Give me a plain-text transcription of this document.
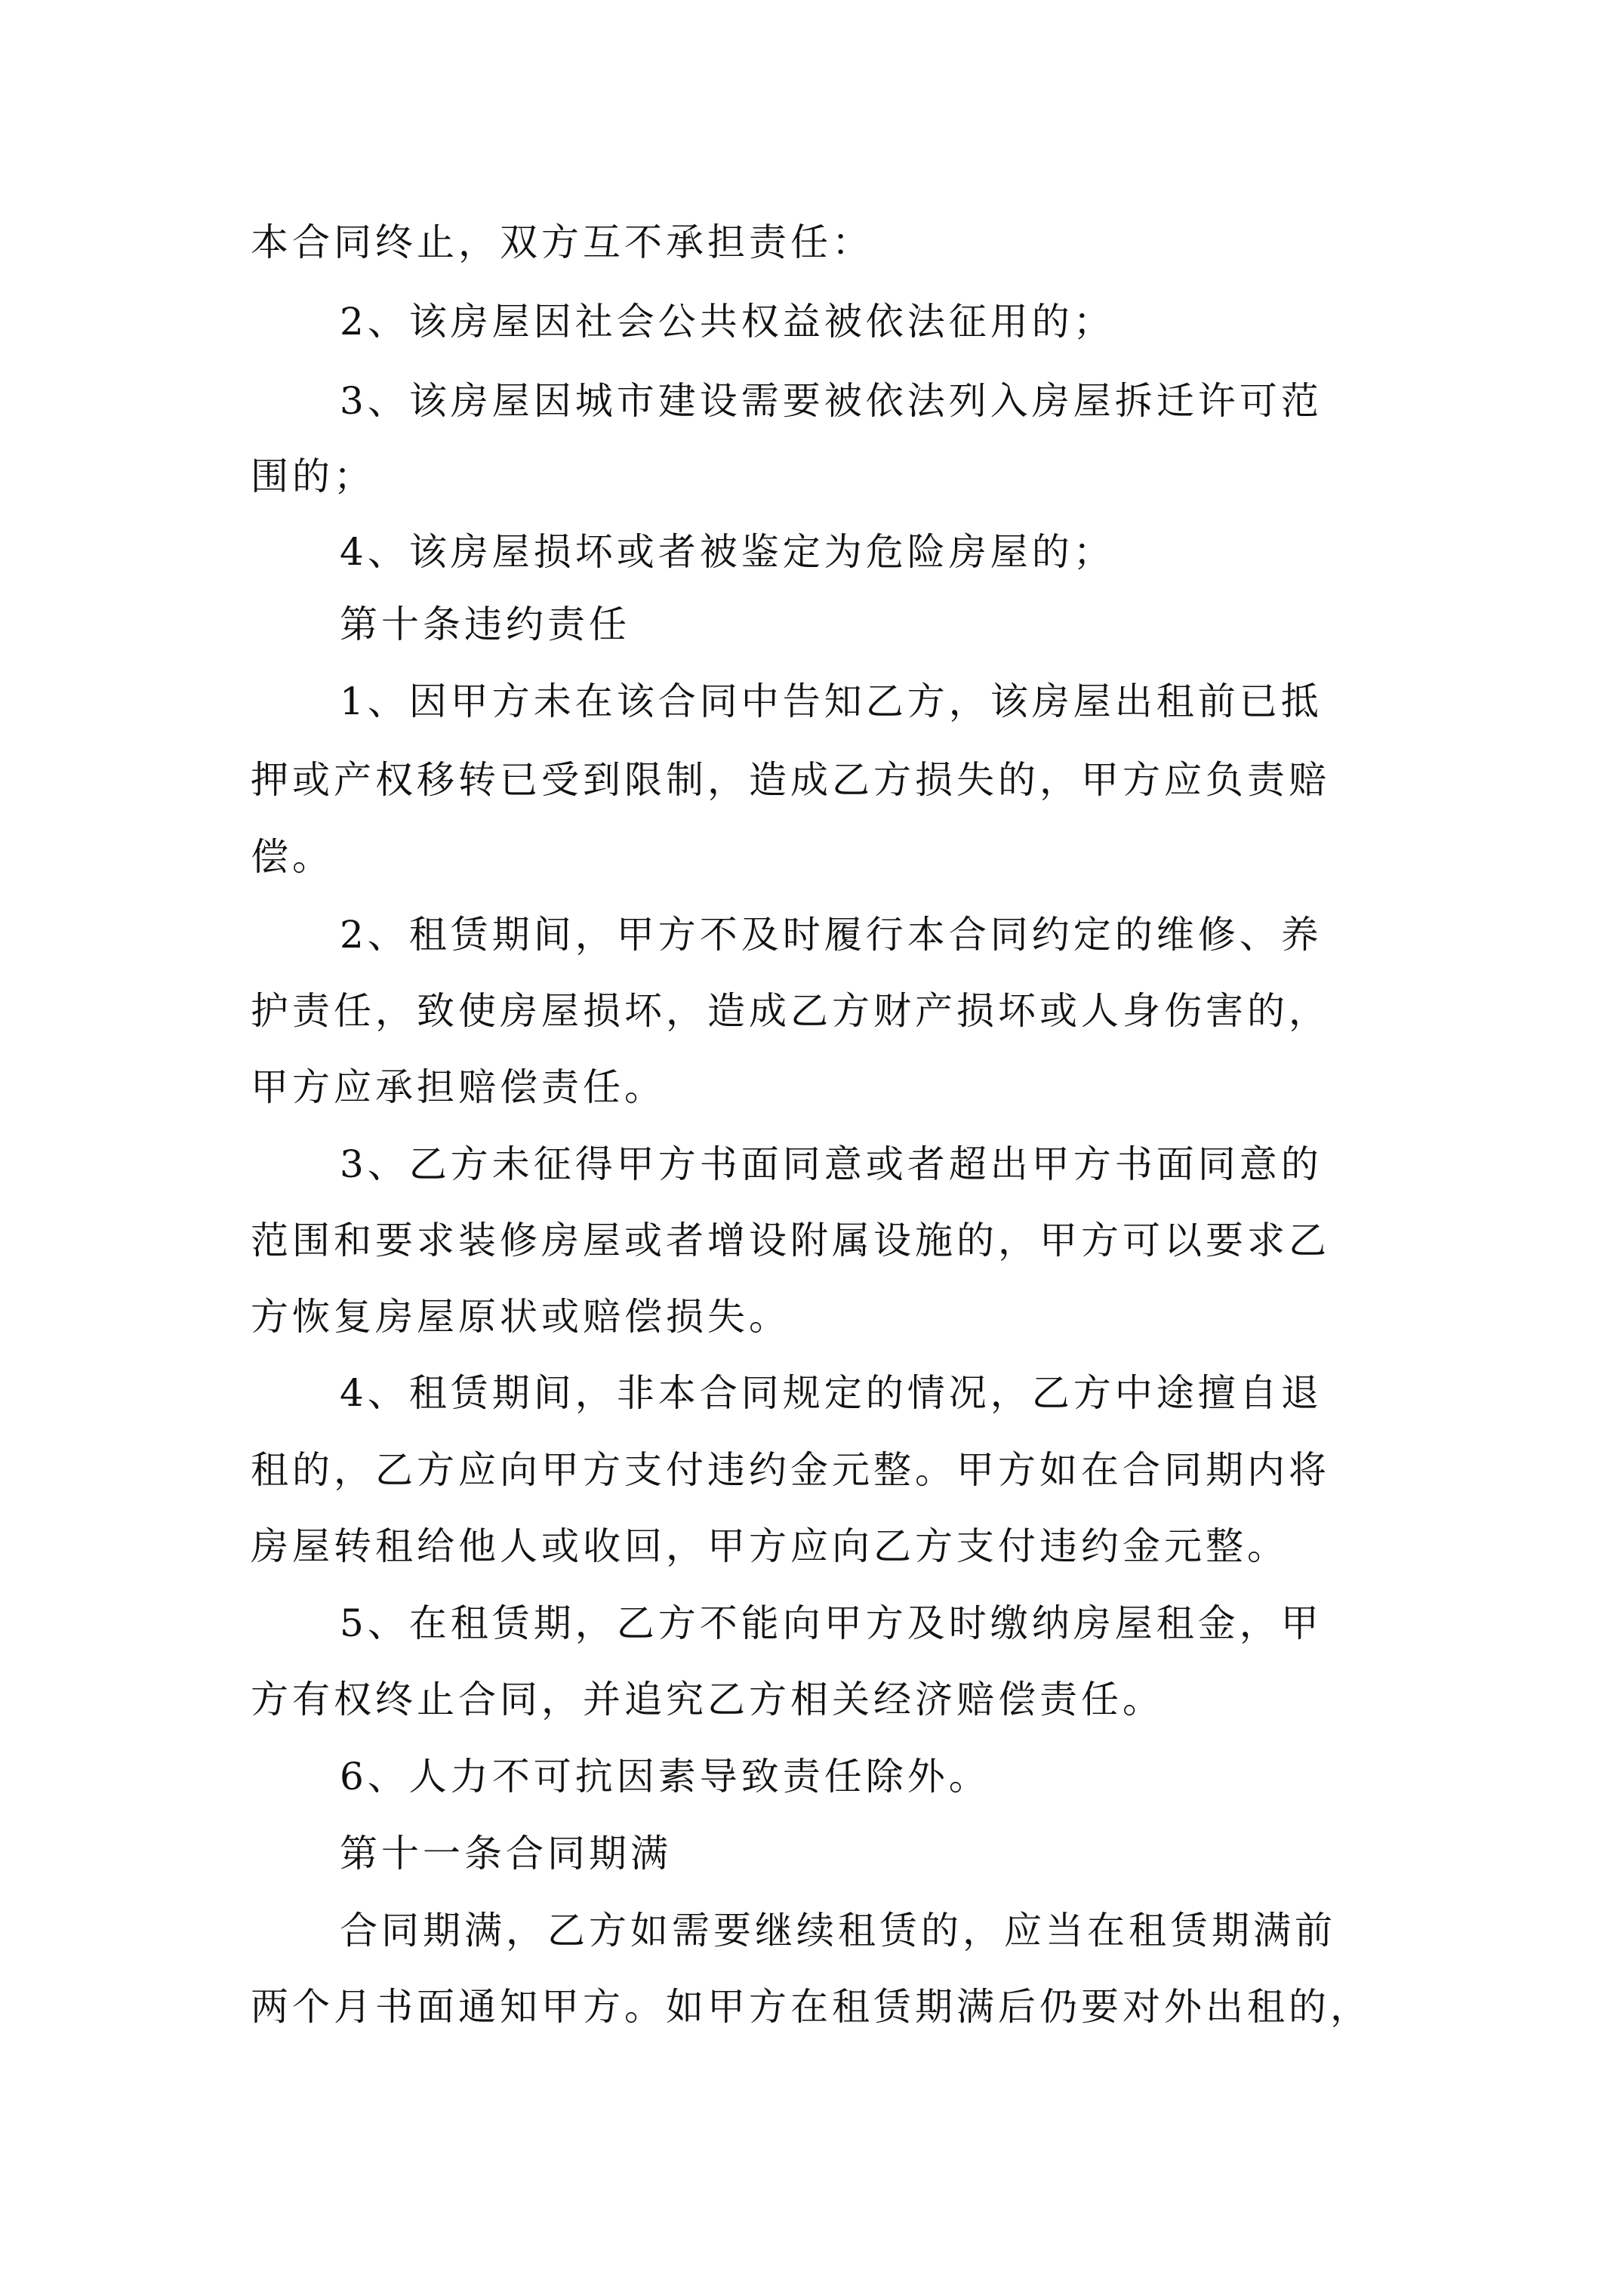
本合同终止，双方互不承担责任：
2、该房屋因社会公共权益被依法征用的；
3、该房屋因城市建设需要被依法列入房屋拆迁许可范
围的；
4、该房屋损坏或者被鉴定为危险房屋的；
第十条违约责任
1、因甲方未在该合同中告知乙方，该房屋出租前已抵
押或产权移转已受到限制，造成乙方损失的，甲方应负责赔
偿。
2、租赁期间，甲方不及时履行本合同约定的维修、养
护责任，致使房屋损坏，造成乙方财产损坏或人身伤害的，
甲方应承担赔偿责任。
3、乙方未征得甲方书面同意或者超出甲方书面同意的
范围和要求装修房屋或者增设附属设施的，甲方可以要求乙
方恢复房屋原状或赔偿损失。
4、租赁期间，非本合同规定的情况，乙方中途擅自退
租的，乙方应向甲方支付违约金元整。甲方如在合同期内将
房屋转租给他人或收回，甲方应向乙方支付违约金元整。
5、在租赁期，乙方不能向甲方及时缴纳房屋租金，甲
方有权终止合同，并追究乙方相关经济赔偿责任。
6、人力不可抗因素导致责任除外。
第十一条合同期满
合同期满，乙方如需要继续租赁的，应当在租赁期满前
两个月书面通知甲方。如甲方在租赁期满后仍要对外出租的，
